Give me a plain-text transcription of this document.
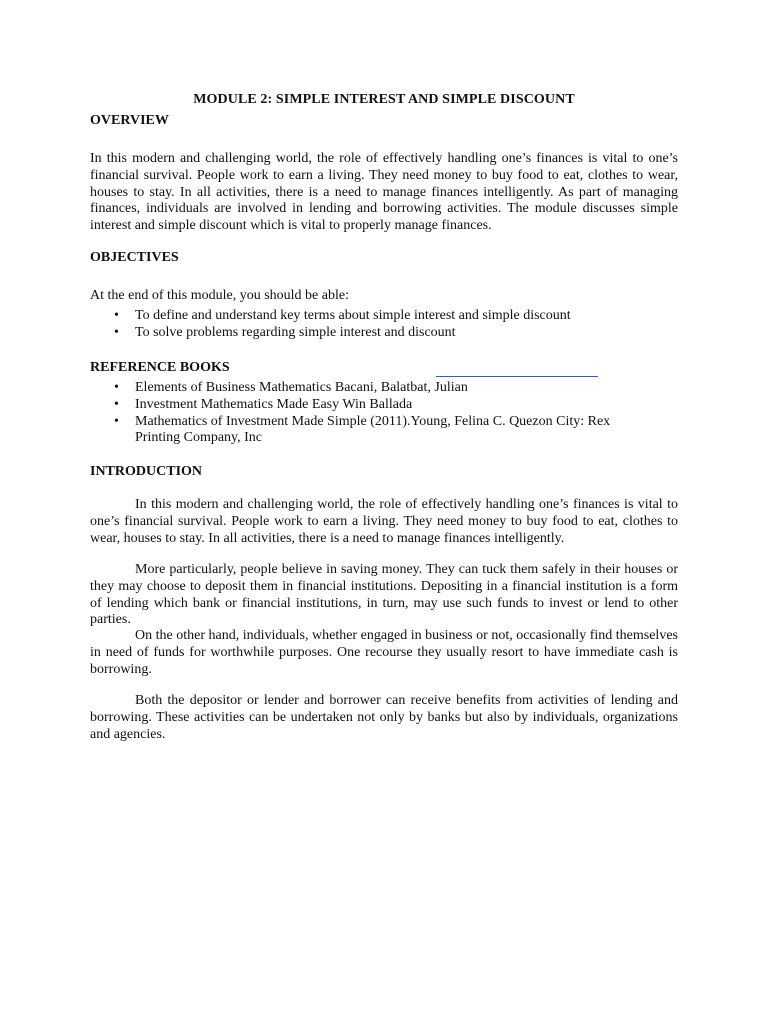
MODULE 2: SIMPLE INTEREST AND SIMPLE DISCOUNT
OVERVIEW

In this modern and challenging world, the role of effectively handling one’s finances is vital to one’s financial survival. People work to earn a living. They need money to buy food to eat, clothes to wear, houses to stay. In all activities, there is a need to manage finances intelligently. As part of managing finances, individuals are involved in lending and borrowing activities. The module discusses simple interest and simple discount which is vital to properly manage finances.

OBJECTIVES

At the end of this module, you should be able:

• To define and understand key terms about simple interest and simple discount
• To solve problems regarding simple interest and discount
REFERENCE BOOKS
• Elements of Business Mathematics Bacani, Balatbat, Julian
• Investment Mathematics Made Easy Win Ballada
• Mathematics of Investment Made Simple (2011).Young, Felina C. Quezon City: Rex Printing Company, Inc
INTRODUCTION

In this modern and challenging world, the role of effectively handling one’s finances is vital to one’s financial survival. People work to earn a living. They need money to buy food to eat, clothes to wear, houses to stay. In all activities, there is a need to manage finances intelligently.

More particularly, people believe in saving money. They can tuck them safely in their houses or they may choose to deposit them in financial institutions. Depositing in a financial institution is a form of lending which bank or financial institutions, in turn, may use such funds to invest or lend to other parties.

On the other hand, individuals, whether engaged in business or not, occasionally find themselves in need of funds for worthwhile purposes. One recourse they usually resort to have immediate cash is borrowing.

Both the depositor or lender and borrower can receive benefits from activities of lending and borrowing. These activities can be undertaken not only by banks but also by individuals, organizations and agencies.
